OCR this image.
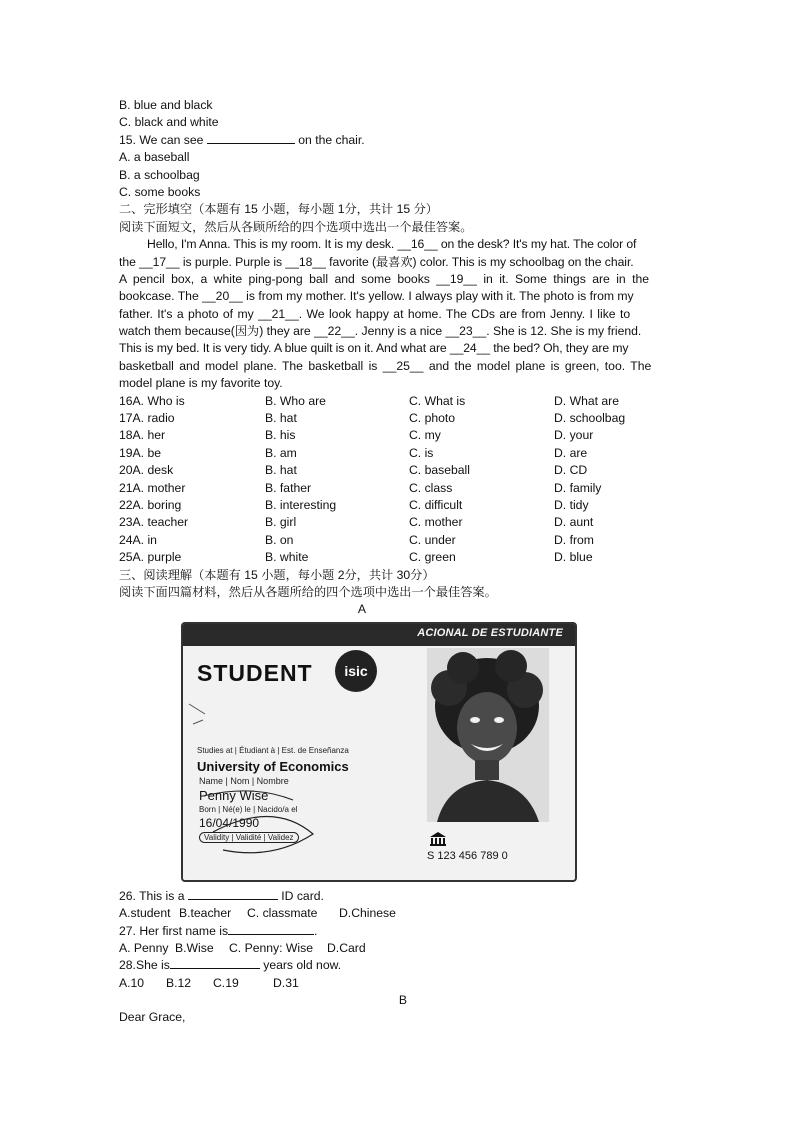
B. blue and black
C. black and white
15. We can see	on the chair.
A. a baseball
B. a schoolbag
C. some books
二、完形填空（本题有 15 小题，每小题 1分，共计 15 分）
阅读下面短文，然后从各顾所给的四个选项中选出一个最佳答案。
Hello, I'm Anna. This is my room. It is my desk. __16__ on the desk? It's my hat. The color of
the __17__ is purple. Purple is __18__ favorite (最喜欢) color. This is my schoolbag on the chair.
A pencil box, a white ping-pong ball and some books __19__ in it. Some things are in the
bookcase. The __20__ is from my mother. It's yellow. I always play with it. The photo is from my
father. It's a photo of my __21__. We look happy at home. The CDs are from Jenny. I like to
watch them because(因为) they are __22__. Jenny is a nice __23__. She is 12. She is my friend.
This is my bed. It is very tidy. A blue quilt is on it. And what are __24__ the bed? Oh, they are my
basketball and model plane. The basketball is __25__ and the model plane is green, too. The
model plane is my favorite toy.
16A. Who is	B. Who are	C. What is	D. What are
17A. radio	B. hat	C. photo	D. schoolbag
18A. her	B. his	C. my	D. your
19A. be	B. am	C. is	D. are
20A. desk	B. hat	C. baseball	D. CD
21A. mother	B. father	C. class	D. family
22A. boring	B. interesting	C. difficult	D. tidy
23A. teacher	B. girl	C. mother	D. aunt
24A. in	B. on	C. under	D. from
25A. purple	B. white	C. green	D. blue
三、阅读理解（本题有 15 小题，每小题 2分，共计 30分）
阅读下面四篇材料，然后从各题所给的四个选项中选出一个最佳答案。
A
ACIONAL DE ESTUDIANTE
STUDENT	isic
Studies at | Étudiant à | Est. de Enseñanza
University of Economics
Name | Nom | Nombre
Penny Wise
Born | Né(e) le | Nacido/a el
16/04/1990
Validity | Validité | Validez
S 123 456 789 0
26. This is a	ID card.
A.student B.teacher C. classmate D.Chinese
27. Her first name is	.
A. Penny B.Wise C. Penny: Wise D.Card
28.She is	years old now.
A.10 B.12 C.19	D.31
B
Dear Grace,
